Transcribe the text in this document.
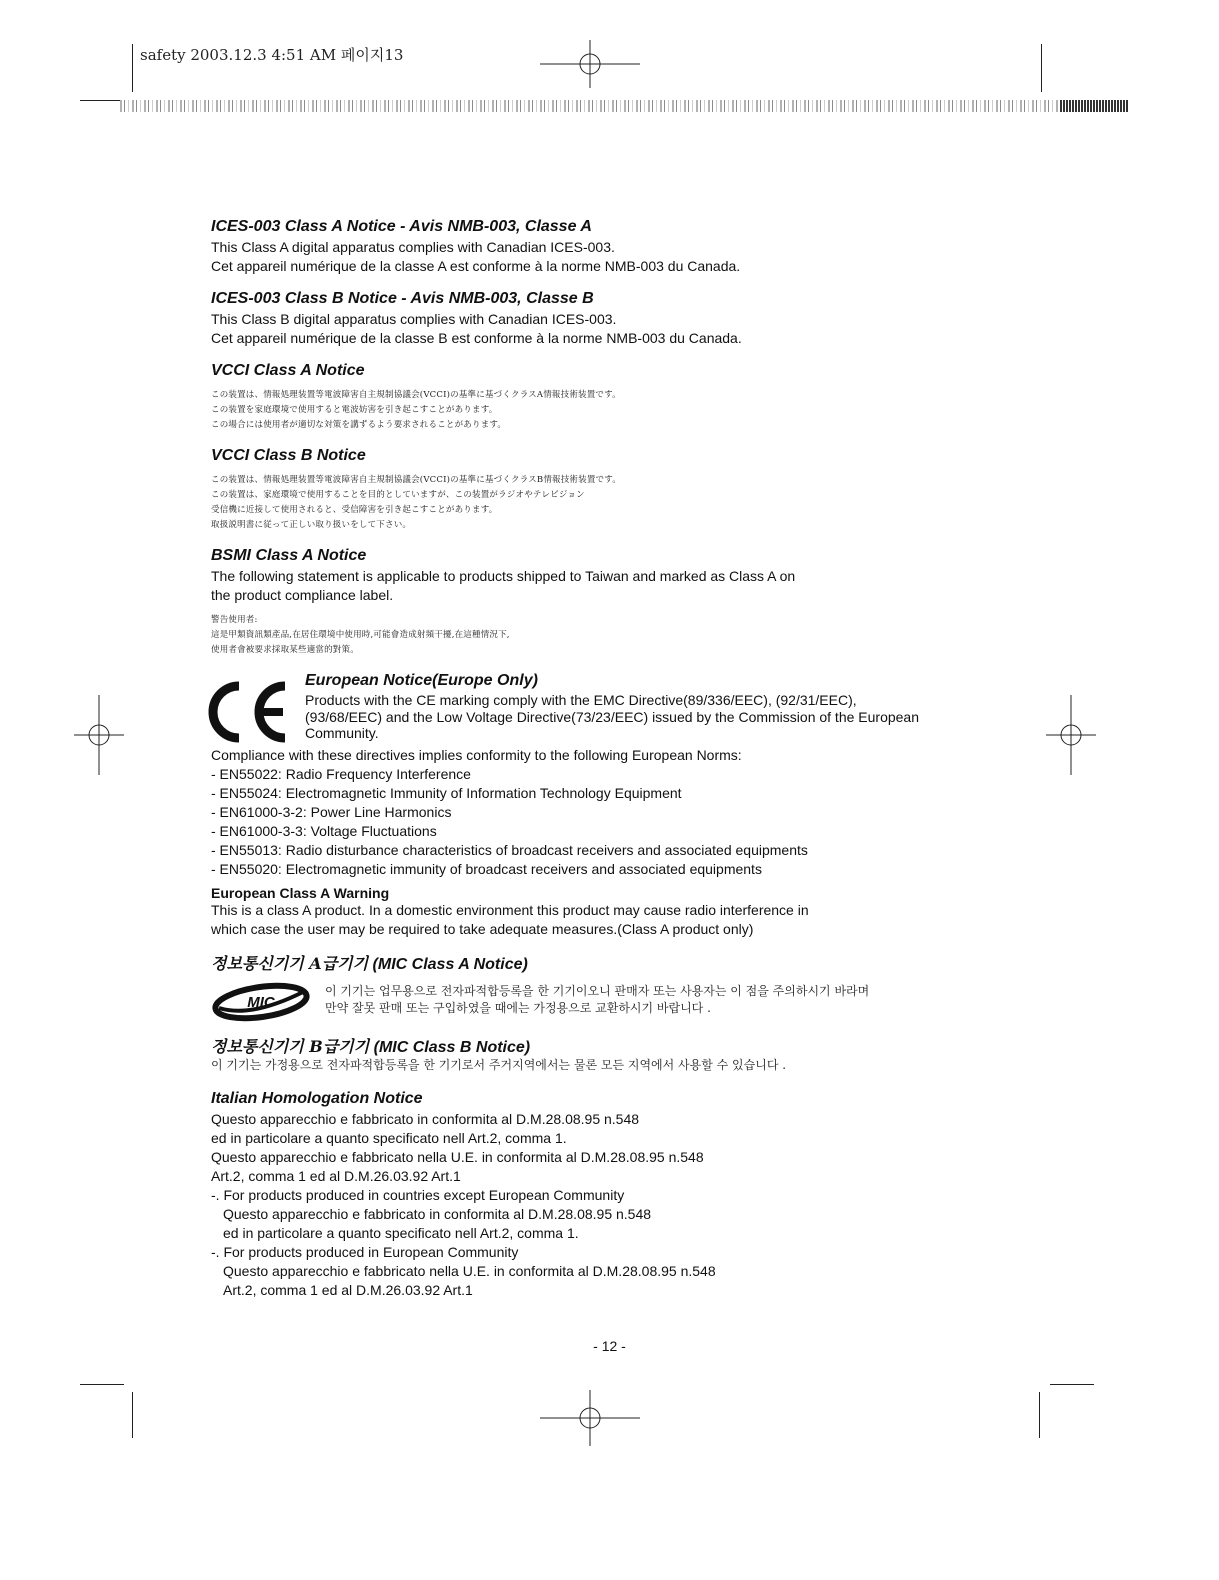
safety 2003.12.3 4:51 AM 페이지13
ICES-003 Class A Notice - Avis NMB-003, Classe A

This Class A digital apparatus complies with Canadian ICES-003.

Cet appareil numérique de la classe A est conforme à la norme NMB-003 du Canada.

ICES-003 Class B Notice - Avis NMB-003, Classe B

This Class B digital apparatus complies with Canadian ICES-003.

Cet appareil numérique de la classe B est conforme à la norme NMB-003 du Canada.

VCCI Class A Notice

この装置は、情報処理装置等電波障害自主規制協議会(VCCI)の基準に基づくクラスA情報技術装置です。

この装置を家庭環境で使用すると電波妨害を引き起こすことがあります。

この場合には使用者が適切な対策を講ずるよう要求されることがあります。

VCCI Class B Notice

この装置は、情報処理装置等電波障害自主規制協議会(VCCI)の基準に基づくクラスB情報技術装置です。

この装置は、家庭環境で使用することを目的としていますが、この装置がラジオやテレビジョン

受信機に近接して使用されると、受信障害を引き起こすことがあります。

取扱説明書に従って正しい取り扱いをして下さい。

BSMI Class A Notice

The following statement is applicable to products shipped to Taiwan and marked as Class A on

the product compliance label.

警告使用者:

這是甲類資訊類產品,在居住環境中使用時,可能會造成射頻干擾,在這種情況下,

使用者會被要求採取某些適當的對策。

European Notice(Europe Only)

Products with the CE marking comply with the EMC Directive(89/336/EEC), (92/31/EEC),

(93/68/EEC) and the Low Voltage Directive(73/23/EEC) issued by the Commission of the European

Community.

Compliance with these directives implies conformity to the following European Norms:

- EN55022: Radio Frequency Interference

- EN55024: Electromagnetic Immunity of Information Technology Equipment

- EN61000-3-2: Power Line Harmonics

- EN61000-3-3: Voltage Fluctuations

- EN55013: Radio disturbance characteristics of broadcast receivers and associated equipments

- EN55020: Electromagnetic immunity of broadcast receivers and associated equipments

European Class A Warning

This is a class A product. In a domestic environment this product may cause radio interference in

which case the user may be required to take adequate measures.(Class A product only)

정보통신기기 A급기기 (MIC Class A Notice)
MIC

이 기기는 업무용으로 전자파적합등록을 한 기기이오니 판매자 또는 사용자는 이 점을 주의하시기 바라며

만약 잘못 판매 또는 구입하였을 때에는 가정용으로 교환하시기 바랍니다 .

정보통신기기 B급기기 (MIC Class B Notice)

이 기기는 가정용으로 전자파적합등록을 한 기기로서 주거지역에서는 물론 모든 지역에서 사용할 수 있습니다 .

Italian Homologation Notice

Questo apparecchio e fabbricato in conformita al D.M.28.08.95 n.548

ed in particolare a quanto specificato nell Art.2, comma 1.

Questo apparecchio e fabbricato nella U.E. in conformita al D.M.28.08.95 n.548

Art.2, comma 1 ed al D.M.26.03.92 Art.1

-. For products produced in countries except European Community

Questo apparecchio e fabbricato in conformita al D.M.28.08.95 n.548

ed in particolare a quanto specificato nell Art.2, comma 1.

-. For products produced in European Community

Questo apparecchio e fabbricato nella U.E. in conformita al D.M.28.08.95 n.548

Art.2, comma 1 ed al D.M.26.03.92 Art.1

- 12 -
